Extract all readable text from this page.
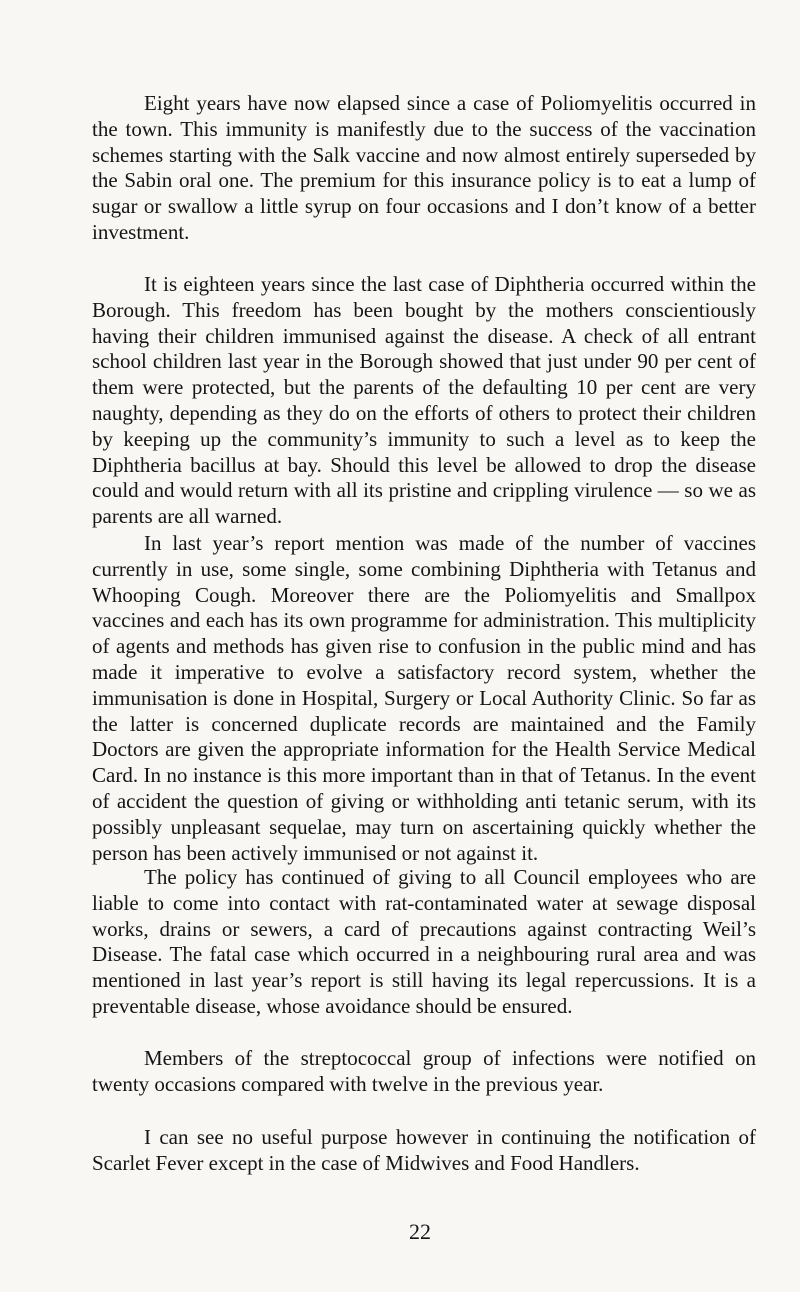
Eight years have now elapsed since a case of Poliomyelitis occurred in the town. This immunity is manifestly due to the success of the vaccination schemes starting with the Salk vaccine and now almost entirely superseded by the Sabin oral one. The premium for this insurance policy is to eat a lump of sugar or swallow a little syrup on four occasions and I don’t know of a better investment.

It is eighteen years since the last case of Diphtheria occurred within the Borough. This freedom has been bought by the mothers conscientiously having their children immunised against the disease. A check of all entrant school children last year in the Borough showed that just under 90 per cent of them were protected, but the parents of the defaulting 10 per cent are very naughty, depending as they do on the efforts of others to protect their children by keeping up the community’s immunity to such a level as to keep the Diphtheria bacillus at bay. Should this level be allowed to drop the disease could and would return with all its pristine and crippling virulence — so we as parents are all warned.

In last year’s report mention was made of the number of vaccines currently in use, some single, some combining Diphtheria with Tetanus and Whooping Cough. Moreover there are the Poliomyelitis and Smallpox vaccines and each has its own programme for administration. This multiplicity of agents and methods has given rise to confusion in the public mind and has made it imperative to evolve a satisfactory record system, whether the immunisation is done in Hospital, Surgery or Local Authority Clinic. So far as the latter is concerned duplicate records are maintained and the Family Doctors are given the appropriate information for the Health Service Medical Card. In no instance is this more important than in that of Tetanus. In the event of accident the question of giving or withholding anti tetanic serum, with its possibly unpleasant sequelae, may turn on ascertaining quickly whether the person has been actively immunised or not against it.

The policy has continued of giving to all Council employees who are liable to come into contact with rat-contaminated water at sewage disposal works, drains or sewers, a card of precautions against contracting Weil’s Disease. The fatal case which occurred in a neighbouring rural area and was mentioned in last year’s report is still having its legal repercussions. It is a preventable disease, whose avoidance should be ensured.

Members of the streptococcal group of infections were notified on twenty occasions compared with twelve in the previous year.

I can see no useful purpose however in continuing the notification of Scarlet Fever except in the case of Midwives and Food Handlers.

22
